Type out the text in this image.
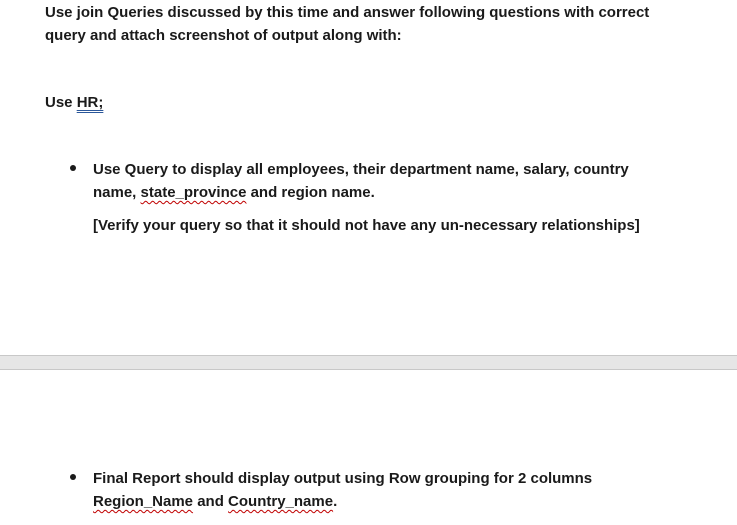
Use join Queries discussed by this time and answer following questions with correct
query and attach screenshot of output along with:
Use HR;
Use Query to display all employees, their department name, salary, country
name, state_province and region name.
[Verify your query so that it should not have any un-necessary relationships]
Final Report should display output using Row grouping for 2 columns
Region_Name and Country_name.
